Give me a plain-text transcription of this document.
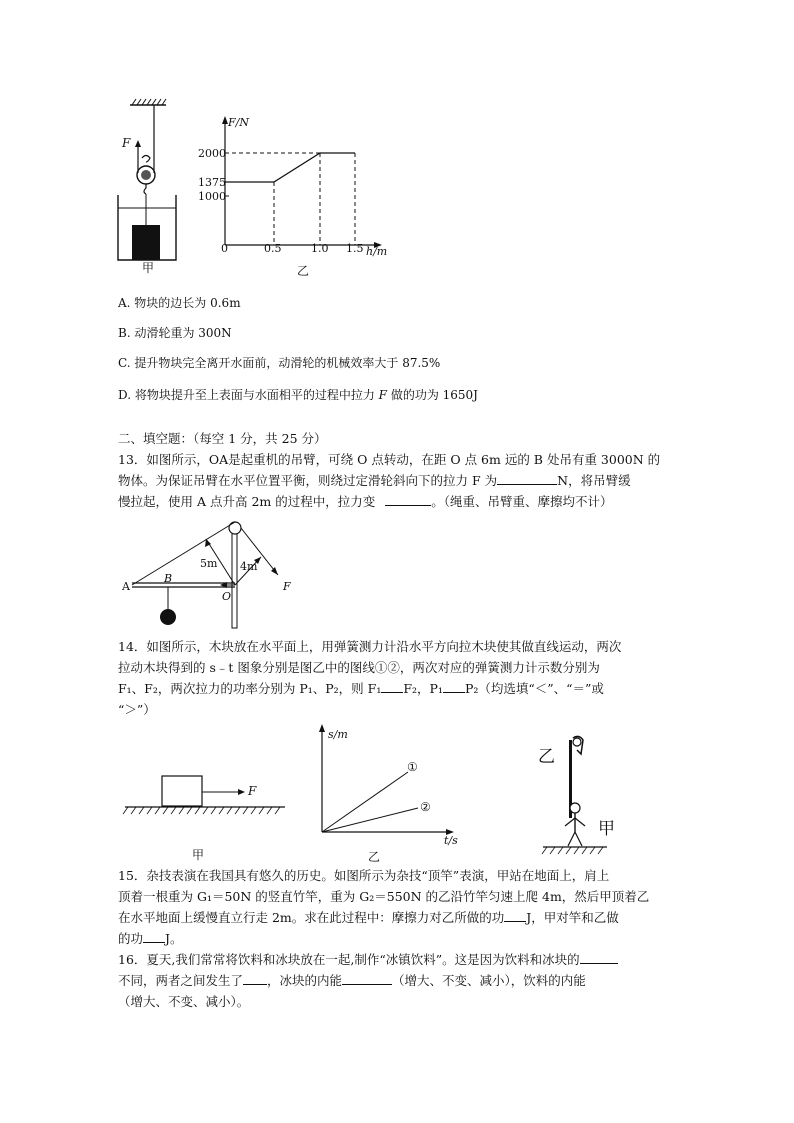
F
甲
F/N
2000
1375
1000
0	0.5	1.0 1.5 h/m
乙
A. 物块的边长为 0.6m
B. 动滑轮重为 300N
C. 提升物块完全离开水面前，动滑轮的机械效率大于 87.5%
D. 将物块提升至上表面与水面相平的过程中拉力 F 做的功为 1650J
二、填空题：（每空 1 分，共 25 分）
13．如图所示，OA是起重机的吊臂，可绕 O 点转动，在距 O 点 6m 远的 B 处吊有重 3000N 的
物体。为保证吊臂在水平位置平衡，则绕过定滑轮斜向下的拉力 F 为	N，将吊臂缓
慢拉起，使用 A 点升高 2m 的过程中，拉力变	。（绳重、吊臂重、摩擦均不计）
5m 4m
A
B
O
F
14．如图所示，木块放在水平面上，用弹簧测力计沿水平方向拉木块使其做直线运动，两次
拉动木块得到的 s﹣t 图象分别是图乙中的图线①②，两次对应的弹簧测力计示数分别为
F₁、F₂，两次拉力的功率分别为 P₁、P₂，则 F₁ F₂，P₁ P₂（均选填“＜”、“＝”或
“＞”）
F
甲
s/m
t/s
①
②
乙
乙
甲
15．杂技表演在我国具有悠久的历史。如图所示为杂技“顶竿”表演，甲站在地面上，肩上
顶着一根重为 G₁＝50N 的竖直竹竿，重为 G₂＝550N 的乙沿竹竿匀速上爬 4m，然后甲顶着乙
在水平地面上缓慢直立行走 2m。求在此过程中：摩擦力对乙所做的功 J，甲对竿和乙做
的功 J。
16．夏天,我们常常将饮料和冰块放在一起,制作“冰镇饮料”。这是因为饮料和冰块的
不同，两者之间发生了 ，冰块的内能	（增大、不变、减小），饮料的内能
（增大、不变、减小）。
